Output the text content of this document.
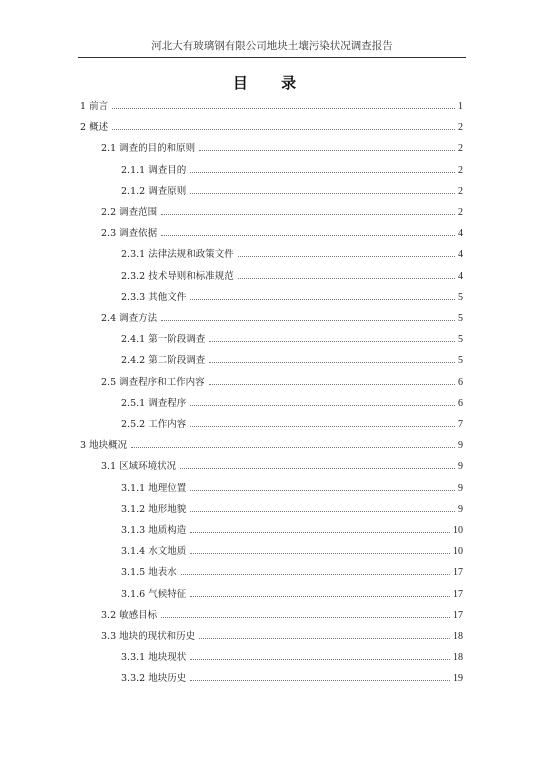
河北大有玻璃钢有限公司地块土壤污染状况调查报告
目 录
1 前言	1
2 概述	2
2.1 调查的目的和原则	2
2.1.1 调查目的	2
2.1.2 调查原则	2
2.2 调查范围	2
2.3 调查依据	4
2.3.1 法律法规和政策文件	4
2.3.2 技术导则和标准规范	4
2.3.3 其他文件	5
2.4 调查方法	5
2.4.1 第一阶段调查	5
2.4.2 第二阶段调查	5
2.5 调查程序和工作内容	6
2.5.1 调查程序	6
2.5.2 工作内容	7
3 地块概况	9
3.1 区域环境状况	9
3.1.1 地理位置	9
3.1.2 地形地貌	9
3.1.3 地质构造	10
3.1.4 水文地质	10
3.1.5 地表水	17
3.1.6 气候特征	17
3.2 敏感目标	17
3.3 地块的现状和历史	18
3.3.1 地块现状	18
3.3.2 地块历史	19
